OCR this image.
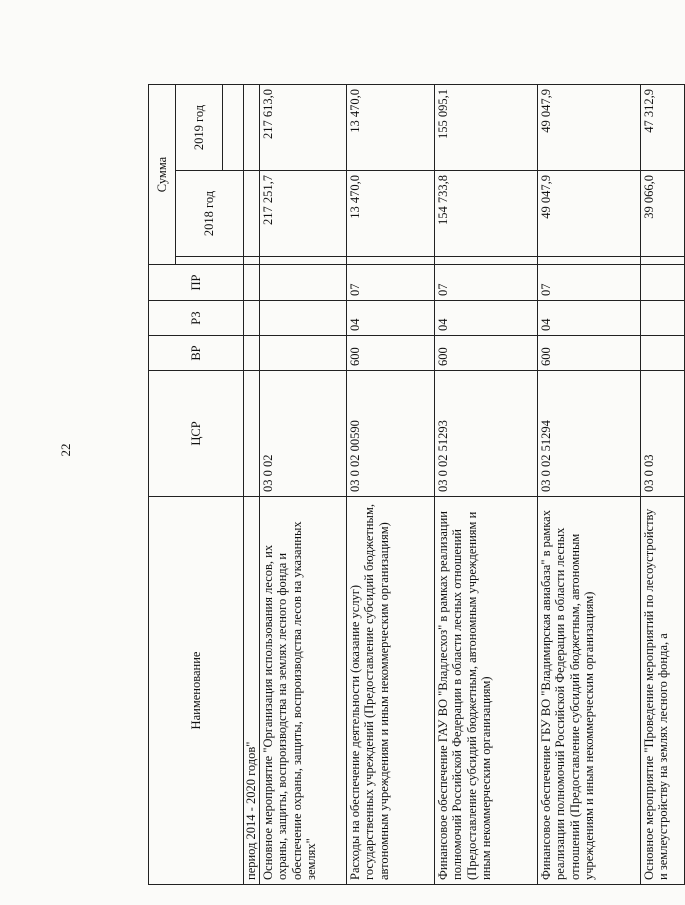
22
Наименование	ЦСР	ВР	РЗ	ПР	Сумма		
						2018 год	2019 год

период 2014 - 2020 годов"							
Основное мероприятие "Организация использования лесов, их охраны, защиты, воспроизводства на землях лесного фонда и обеспечение охраны, защиты, воспроизводства лесов на указанных землях"	03 0 02					217 251,7	217 613,0
Расходы на обеспечение деятельности (оказание услуг) государственных учреждений (Предоставление субсидий бюджетным, автономным учреждениям и иным некоммерческим организациям)	03 0 02 00590	600	04	07		13 470,0	13 470,0
Финансовое обеспечение ГАУ ВО "Владлесхоз" в рамках реализации полномочий Российской Федерации в области лесных отношений (Предоставление субсидий бюджетным, автономным учреждениям и иным некоммерческим организациям)	03 0 02 51293	600	04	07		154 733,8	155 095,1
Финансовое обеспечение ГБУ ВО "Владимирская авиабаза" в рамках реализации полномочий Российской Федерации в области лесных отношений (Предоставление субсидий бюджетным, автономным учреждениям и иным некоммерческим организациям)	03 0 02 51294	600	04	07		49 047,9	49 047,9
Основное мероприятие "Проведение мероприятий по лесоустройству и землеустройству на землях лесного фонда, а	03 0 03					39 066,0	47 312,9
